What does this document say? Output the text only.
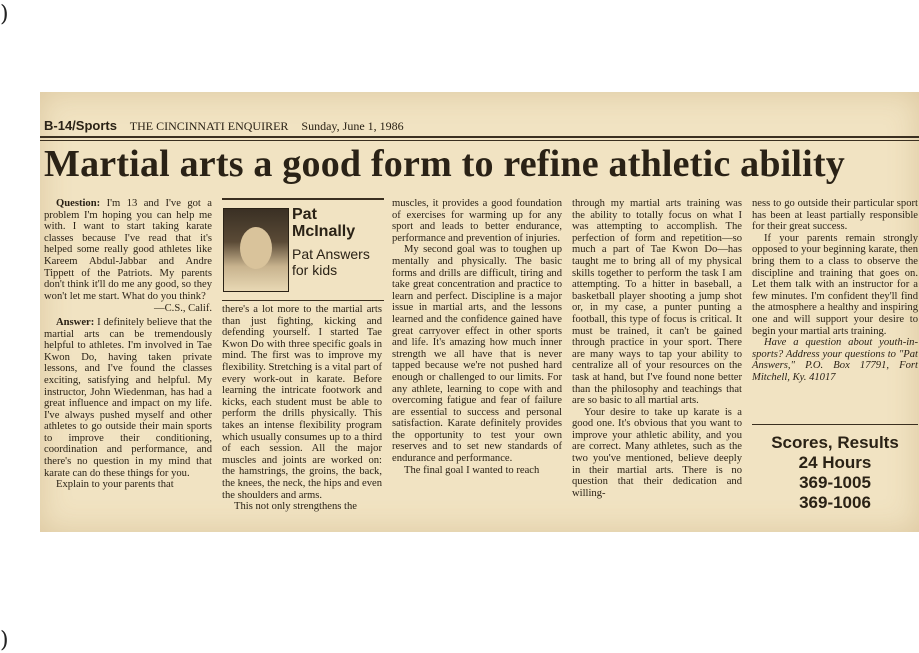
)
)
B-14/Sports THE CINCINNATI ENQUIRER Sunday, June 1, 1986
Martial arts a good form to refine athletic ability

Question: I'm 13 and I've got a problem I'm hoping you can help me with. I want to start taking karate classes because I've read that it's helped some really good athletes like Kareem Abdul-Jabbar and Andre Tippett of the Patriots. My parents don't think it'll do me any good, so they won't let me start. What do you think?

—C.S., Calif.

Answer: I definitely believe that the martial arts can be tremendously helpful to athletes. I'm involved in Tae Kwon Do, having taken private lessons, and I've found the classes exciting, satisfying and helpful. My instructor, John Wiedenman, has had a great influence and impact on my life. I've always pushed myself and other athletes to go outside their main sports to improve their conditioning, coordination and performance, and there's no question in my mind that karate can do these things for you.

Explain to your parents that

Pat
McInally
Pat Answers
for kids

there's a lot more to the martial arts than just fighting, kicking and defending yourself. I started Tae Kwon Do with three specific goals in mind. The first was to improve my flexibility. Stretching is a vital part of every work-out in karate. Before learning the intricate footwork and kicks, each student must be able to perform the drills physically. This takes an intense flexibility program which usually consumes up to a third of each session. All the major muscles and joints are worked on: the hamstrings, the groins, the back, the knees, the neck, the hips and even the shoulders and arms.

This not only strengthens the

muscles, it provides a good foundation of exercises for warming up for any sport and leads to better endurance, performance and prevention of injuries.

My second goal was to toughen up mentally and physically. The basic forms and drills are difficult, tiring and take great concentration and practice to learn and perfect. Discipline is a major issue in martial arts, and the lessons learned and the confidence gained have great carryover effect in other sports and life. It's amazing how much inner strength we all have that is never tapped because we're not pushed hard enough or challenged to our limits. For any athlete, learning to cope with and overcoming fatigue and fear of failure are essential to success and personal satisfaction. Karate definitely provides the opportunity to test your own reserves and to set new standards of endurance and performance.

The final goal I wanted to reach

through my martial arts training was the ability to totally focus on what I was attempting to accomplish. The perfection of form and repetition—so much a part of Tae Kwon Do—has taught me to bring all of my physical skills together to perform the task I am attempting. To a hitter in baseball, a basketball player shooting a jump shot or, in my case, a punter punting a football, this type of focus is critical. It must be trained, it can't be gained through practice in your sport. There are many ways to tap your ability to centralize all of your resources on the task at hand, but I've found none better than the philosophy and teachings that are so basic to all martial arts.

Your desire to take up karate is a good one. It's obvious that you want to improve your athletic ability, and you are correct. Many athletes, such as the two you've mentioned, believe deeply in their martial arts. There is no question that their dedication and willing-

ness to go outside their particular sport has been at least partially responsible for their great success.

If your parents remain strongly opposed to your beginning karate, then bring them to a class to observe the discipline and training that goes on. Let them talk with an instructor for a few minutes. I'm confident they'll find the atmosphere a healthy and inspiring one and will support your desire to begin your martial arts training.

Have a question about youth-in-sports? Address your questions to "Pat Answers," P.O. Box 17791, Fort Mitchell, Ky. 41017

Scores, Results
24 Hours
369-1005
369-1006
